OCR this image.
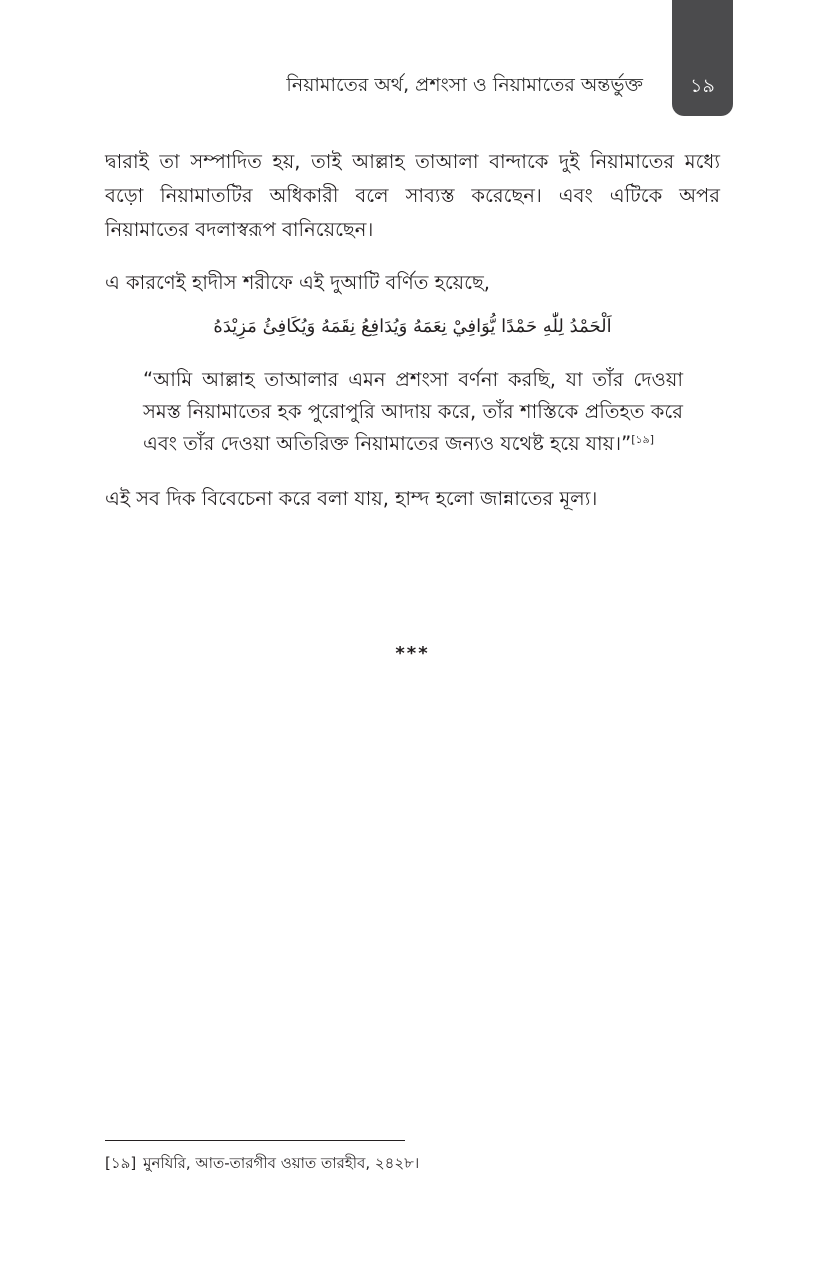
নিয়ামাতের অর্থ, প্রশংসা ও নিয়ামাতের অন্তর্ভুক্ত	১৯

দ্বারাই তা সম্পাদিত হয়, তাই আল্লাহ তাআলা বান্দাকে দুই নিয়ামাতের মধ্যে বড়ো নিয়ামাতটির অধিকারী বলে সাব্যস্ত করেছেন। এবং এটিকে অপর নিয়ামাতের বদলাস্বরূপ বানিয়েছেন।

এ কারণেই হাদীস শরীফে এই দুআটি বর্ণিত হয়েছে,

اَلْحَمْدُ لِلّٰهِ حَمْدًا يُّوَافِيْ نِعَمَهُ وَيُدَافِعُ نِقَمَهُ وَيُكَافِئُ مَزِيْدَهُ

“আমি আল্লাহ তাআলার এমন প্রশংসা বর্ণনা করছি, যা তাঁর দেওয়া সমস্ত নিয়ামাতের হক পুরোপুরি আদায় করে, তাঁর শাস্তিকে প্রতিহত করে এবং তাঁর দেওয়া অতিরিক্ত নিয়ামাতের জন্যও যথেষ্ট হয়ে যায়।”[১৯]

এই সব দিক বিবেচেনা করে বলা যায়, হাম্দ হলো জান্নাতের মূল্য।

***

[১৯] মুনযিরি, আত-তারগীব ওয়াত তারহীব, ২৪২৮।
